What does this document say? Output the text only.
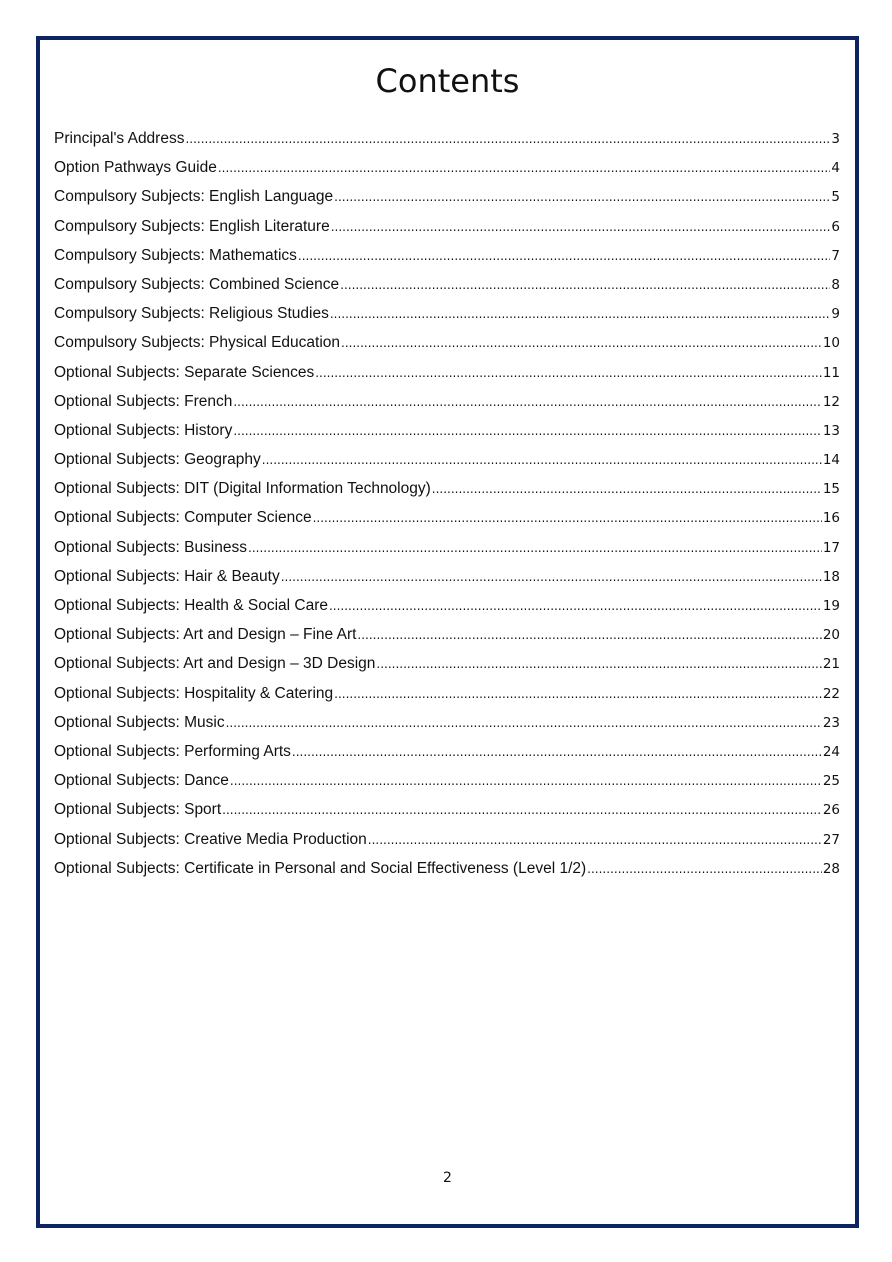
Contents
Principal's Address .....	3
Option Pathways Guide .....	4
Compulsory Subjects: English Language .....	5
Compulsory Subjects: English Literature .....	6
Compulsory Subjects: Mathematics .....	7
Compulsory Subjects: Combined Science .....	8
Compulsory Subjects: Religious Studies .....	9
Compulsory Subjects: Physical Education .....	10
Optional Subjects: Separate Sciences .....	11
Optional Subjects: French .....	12
Optional Subjects: History .....	13
Optional Subjects: Geography .....	14
Optional Subjects: DIT (Digital Information Technology) .....	15
Optional Subjects: Computer Science .....	16
Optional Subjects: Business .....	17
Optional Subjects: Hair & Beauty .....	18
Optional Subjects: Health & Social Care .....	19
Optional Subjects: Art and Design – Fine Art .....	20
Optional Subjects: Art and Design – 3D Design .....	21
Optional Subjects: Hospitality & Catering .....	22
Optional Subjects: Music .....	23
Optional Subjects: Performing Arts .....	24
Optional Subjects: Dance .....	25
Optional Subjects: Sport .....	26
Optional Subjects: Creative Media Production .....	27
Optional Subjects: Certificate in Personal and Social Effectiveness (Level 1/2) .....	28
2
